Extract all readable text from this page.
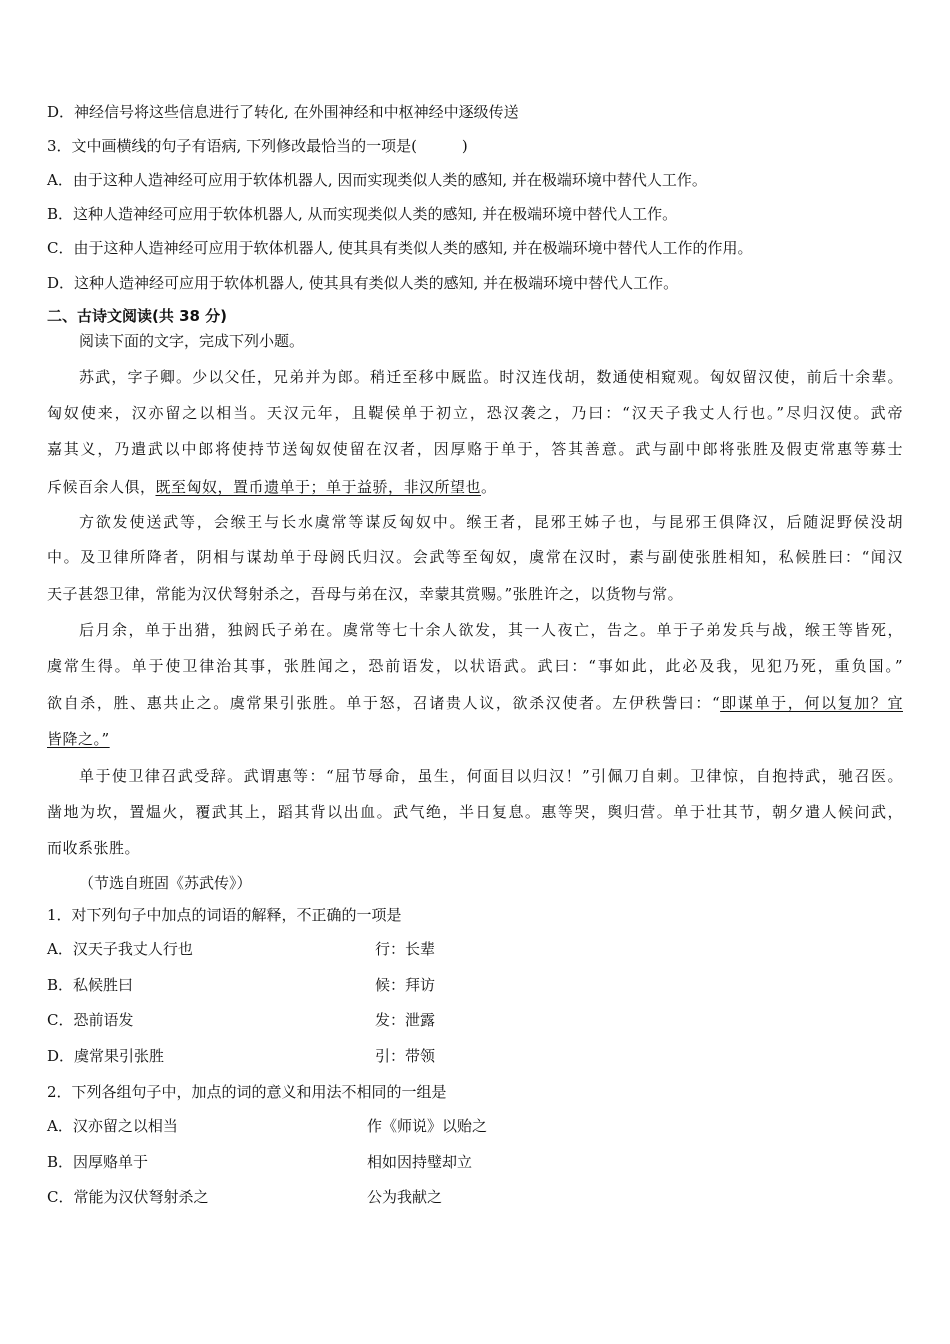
D．神经信号将这些信息进行了转化, 在外围神经和中枢神经中逐级传送
3．文中画横线的句子有语病, 下列修改最恰当的一项是(　　　)
A．由于这种人造神经可应用于软体机器人, 因而实现类似人类的感知, 并在极端环境中替代人工作。
B．这种人造神经可应用于软体机器人, 从而实现类似人类的感知, 并在极端环境中替代人工作。
C．由于这种人造神经可应用于软体机器人, 使其具有类似人类的感知, 并在极端环境中替代人工作的作用。
D．这种人造神经可应用于软体机器人, 使其具有类似人类的感知, 并在极端环境中替代人工作。
二、古诗文阅读(共 38 分)
阅读下面的文字，完成下列小题。
苏武，字子卿。少以父任，兄弟并为郎。稍迁至移中厩监。时汉连伐胡，数通使相窥观。匈奴留汉使，前后十余辈。
匈奴使来，汉亦留之以相当。天汉元年，且鞮侯单于初立，恐汉袭之，乃曰：“汉天子我丈人行也。”尽归汉使。武帝
嘉其义，乃遣武以中郎将使持节送匈奴使留在汉者，因厚赂于单于，答其善意。武与副中郎将张胜及假吏常惠等募士
斥候百余人俱，既至匈奴，置币遗单于；单于益骄，非汉所望也。
方欲发使送武等，会缑王与长水虞常等谋反匈奴中。缑王者，昆邪王姊子也，与昆邪王俱降汉，后随浞野侯没胡
中。及卫律所降者，阴相与谋劫单于母阏氏归汉。会武等至匈奴，虞常在汉时，素与副使张胜相知，私候胜曰：“闻汉
天子甚怨卫律，常能为汉伏弩射杀之，吾母与弟在汉，幸蒙其赏赐。”张胜许之，以货物与常。
后月余，单于出猎，独阏氏子弟在。虞常等七十余人欲发，其一人夜亡，告之。单于子弟发兵与战，缑王等皆死，
虞常生得。单于使卫律治其事，张胜闻之，恐前语发，以状语武。武曰：“事如此，此必及我，见犯乃死，重负国。”
欲自杀，胜、惠共止之。虞常果引张胜。单于怒，召诸贵人议，欲杀汉使者。左伊秩訾曰：“即谋单于，何以复加？宜
皆降之。”
单于使卫律召武受辞。武谓惠等：“屈节辱命，虽生，何面目以归汉！”引佩刀自刺。卫律惊，自抱持武，驰召医。
凿地为坎，置煴火，覆武其上，蹈其背以出血。武气绝，半日复息。惠等哭，舆归营。单于壮其节，朝夕遣人候问武，
而收系张胜。
（节选自班固《苏武传》）
1．对下列句子中加点的词语的解释，不正确的一项是
A．汉天子我丈人行也	行：长辈
B．私候胜曰	候：拜访
C．恐前语发	发：泄露
D．虞常果引张胜	引：带领
2．下列各组句子中，加点的词的意义和用法不相同的一组是
A．汉亦留之以相当	作《师说》以贻之
B．因厚赂单于	相如因持璧却立
C．常能为汉伏弩射杀之	公为我献之
